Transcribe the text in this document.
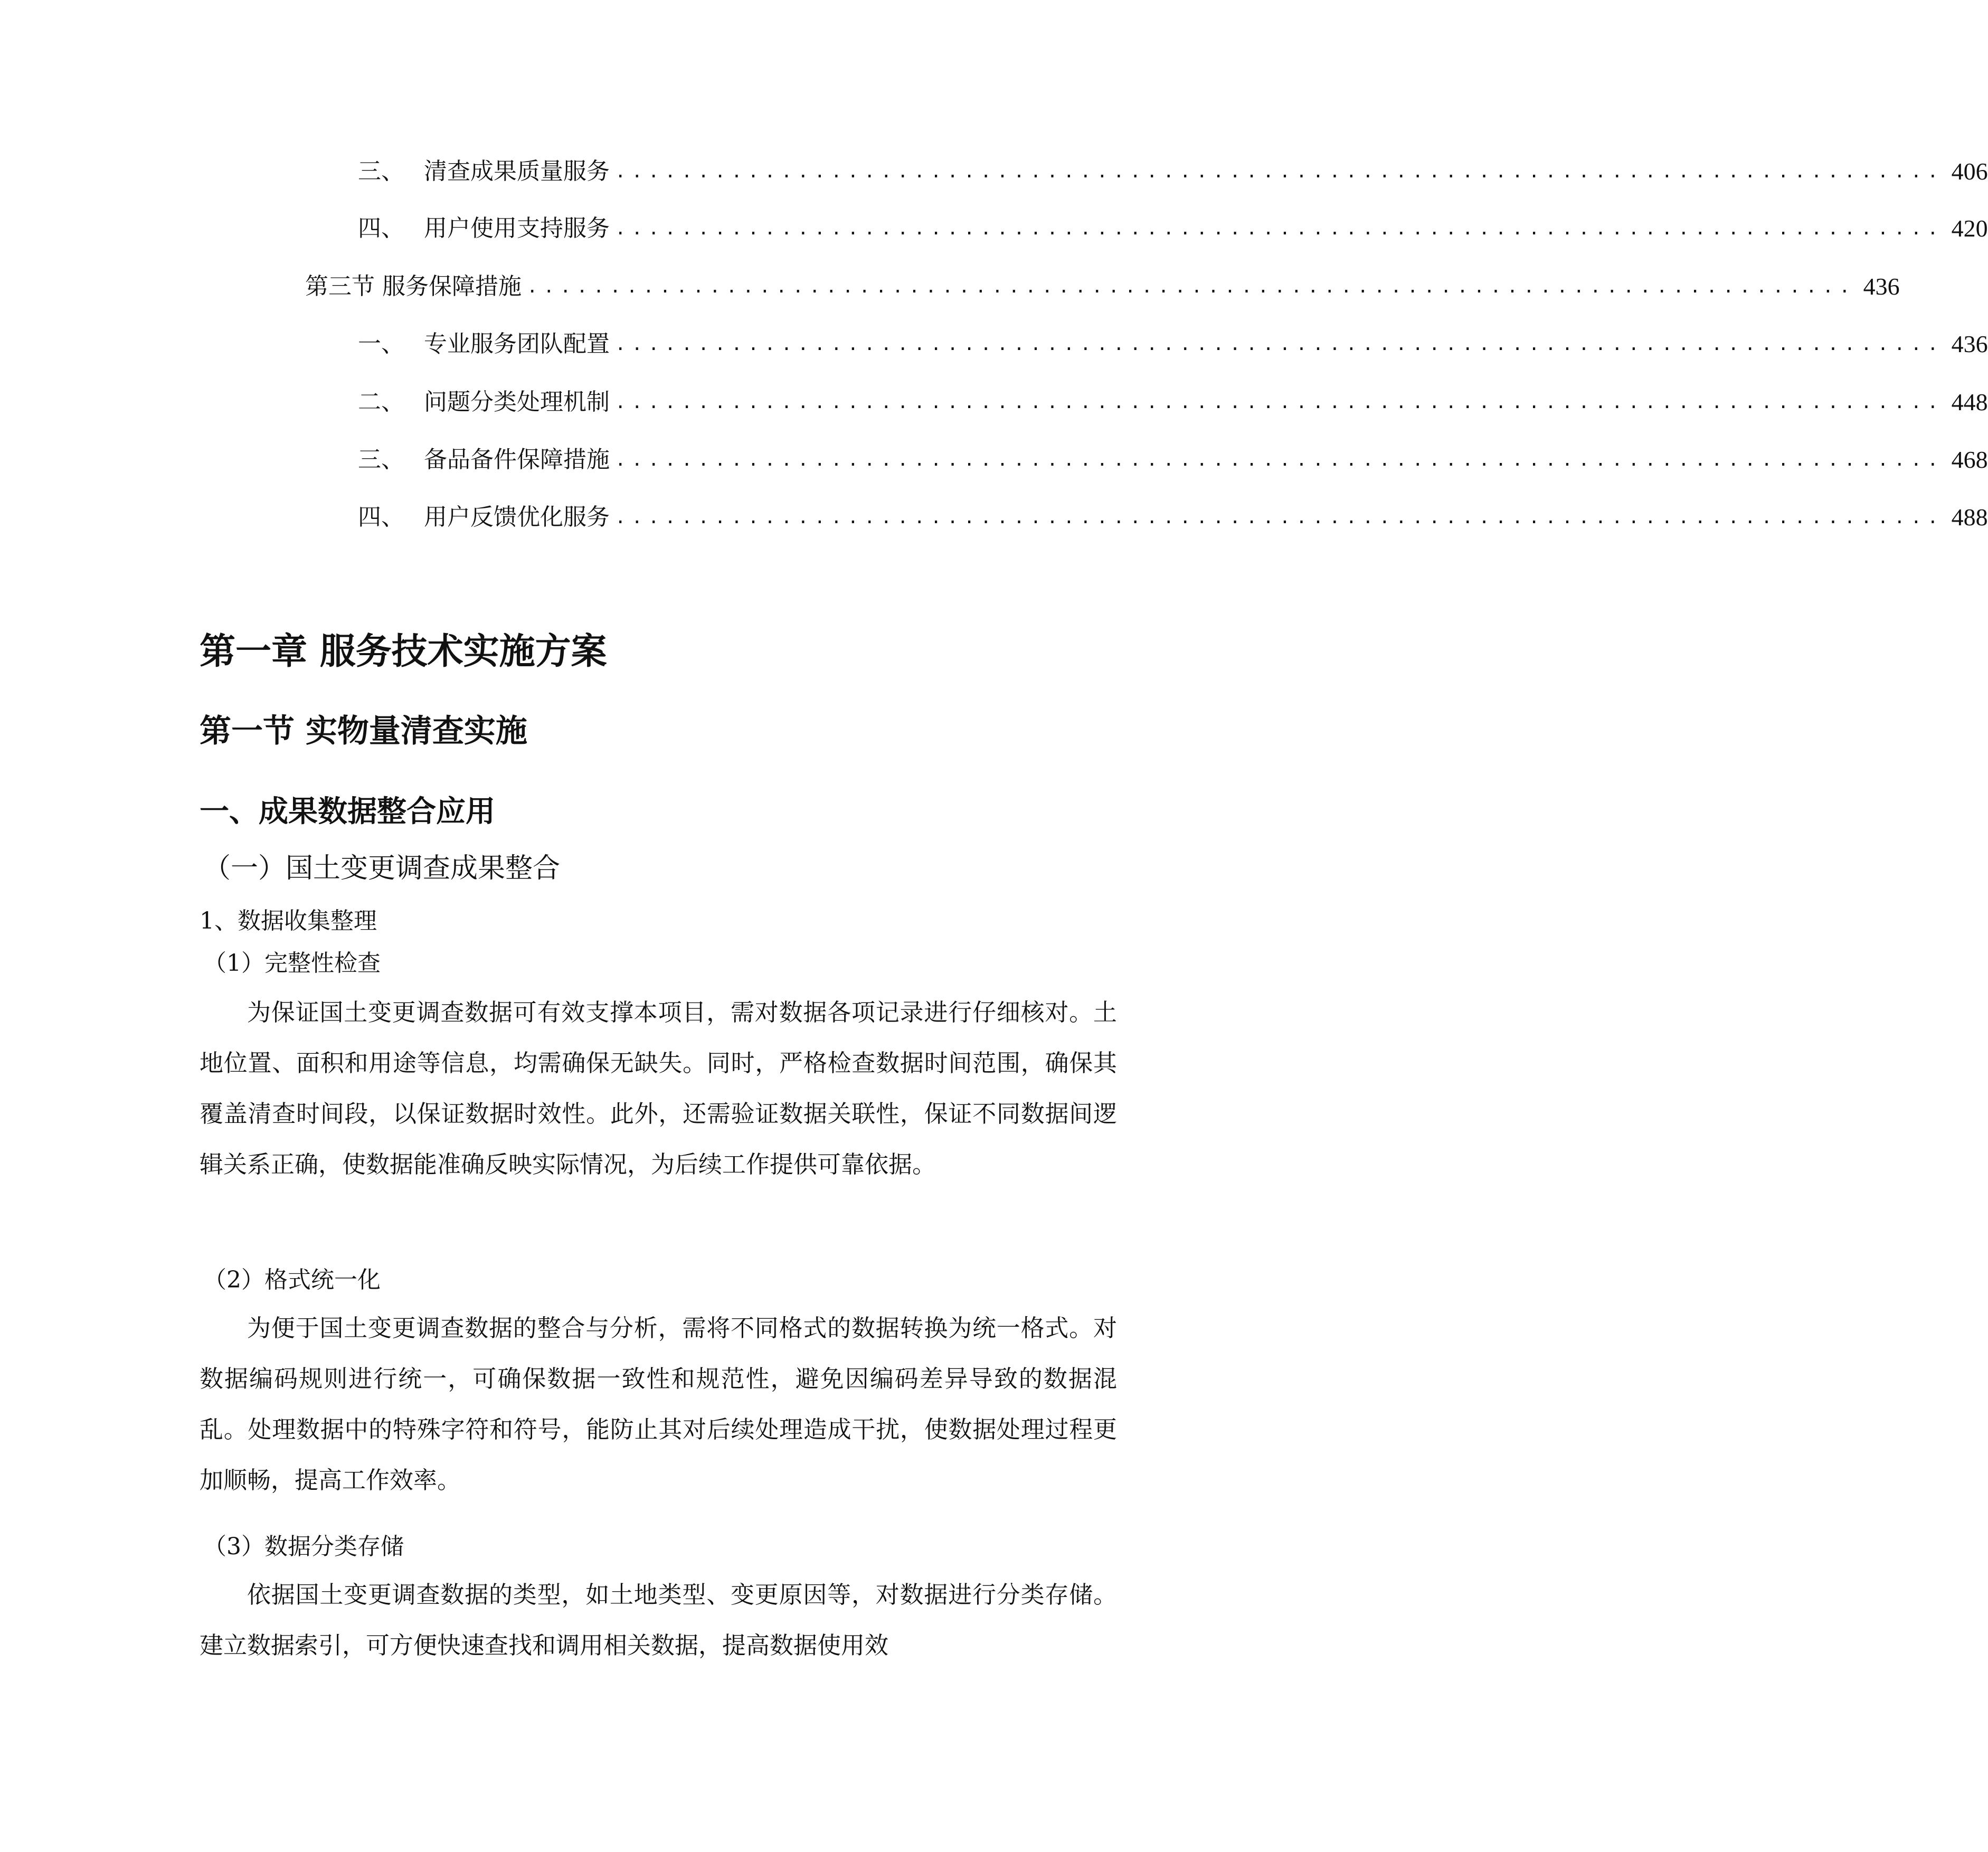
三、 清查成果质量服务 ................................................................................ 406
四、 用户使用支持服务 ................................................................................ 420
第三节 服务保障措施 ................................................................................ 436
一、 专业服务团队配置 ................................................................................ 436
二、 问题分类处理机制 ................................................................................ 448
三、 备品备件保障措施 ................................................................................ 468
四、 用户反馈优化服务 ................................................................................ 488
第一章 服务技术实施方案
第一节 实物量清查实施
一、成果数据整合应用
（一）国土变更调查成果整合
1、数据收集整理
（1）完整性检查

为保证国土变更调查数据可有效支撑本项目，需对数据各项记录进行仔细核对。土地位置、面积和用途等信息，均需确保无缺失。同时，严格检查数据时间范围，确保其覆盖清查时间段，以保证数据时效性。此外，还需验证数据关联性，保证不同数据间逻辑关系正确，使数据能准确反映实际情况，为后续工作提供可靠依据。

（2）格式统一化

为便于国土变更调查数据的整合与分析，需将不同格式的数据转换为统一格式。对数据编码规则进行统一，可确保数据一致性和规范性，避免因编码差异导致的数据混乱。处理数据中的特殊字符和符号，能防止其对后续处理造成干扰，使数据处理过程更加顺畅，提高工作效率。

（3）数据分类存储

依据国土变更调查数据的类型，如土地类型、变更原因等，对数据进行分类存储。建立数据索引，可方便快速查找和调用相关数据，提高数据使用效
